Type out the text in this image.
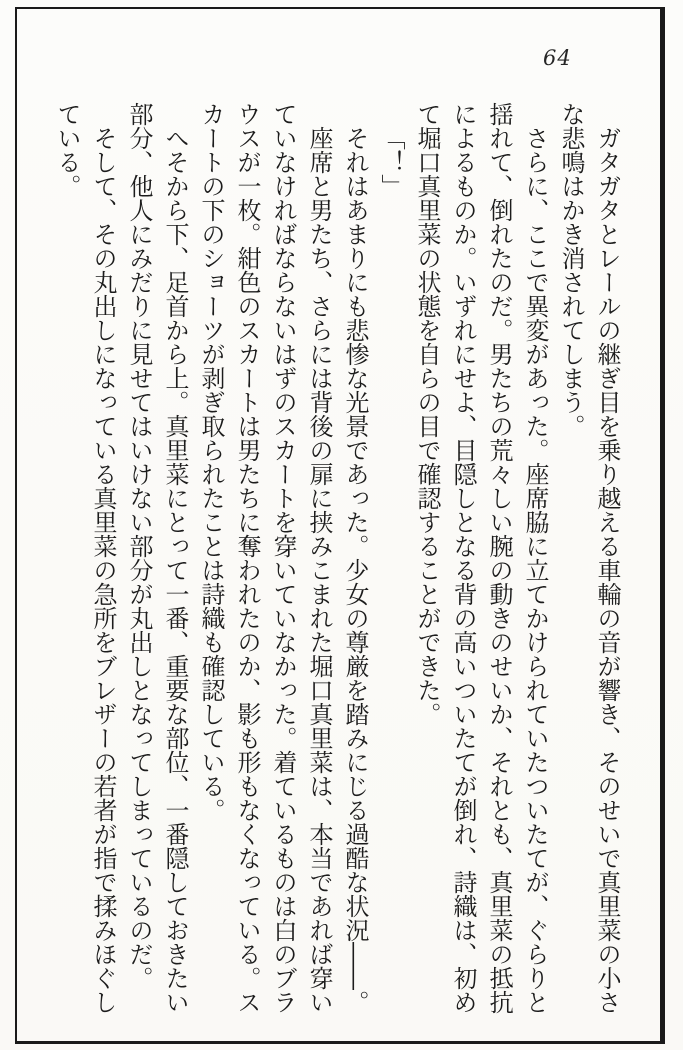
64

ガタガタとレールの継ぎ目を乗り越える車輪の音が響き、そのせいで真里菜の小さな悲鳴はかき消されてしまう。

さらに、ここで異変があった。座席脇に立てかけられていたついたてが、ぐらりと揺れて、倒れたのだ。男たちの荒々しい腕の動きのせいか、それとも、真里菜の抵抗によるものか。いずれにせよ、目隠しとなる背の高いついたてが倒れ、詩織は、初めて堀口真里菜の状態を自らの目で確認することができた。

「！」

それはあまりにも悲惨な光景であった。少女の尊厳を踏みにじる過酷な状況――。

座席と男たち、さらには背後の扉に挟みこまれた堀口真里菜は、本当であれば穿いていなければならないはずのスカートを穿いていなかった。着ているものは白のブラウスが一枚。紺色のスカートは男たちに奪われたのか、影も形もなくなっている。スカートの下のショーツが剥ぎ取られたことは詩織も確認している。

へそから下、足首から上。真里菜にとって一番、重要な部位、一番隠しておきたい部分、他人にみだりに見せてはいけない部分が丸出しとなってしまっているのだ。

そして、その丸出しになっている真里菜の急所をブレザーの若者が指で揉みほぐしている。
